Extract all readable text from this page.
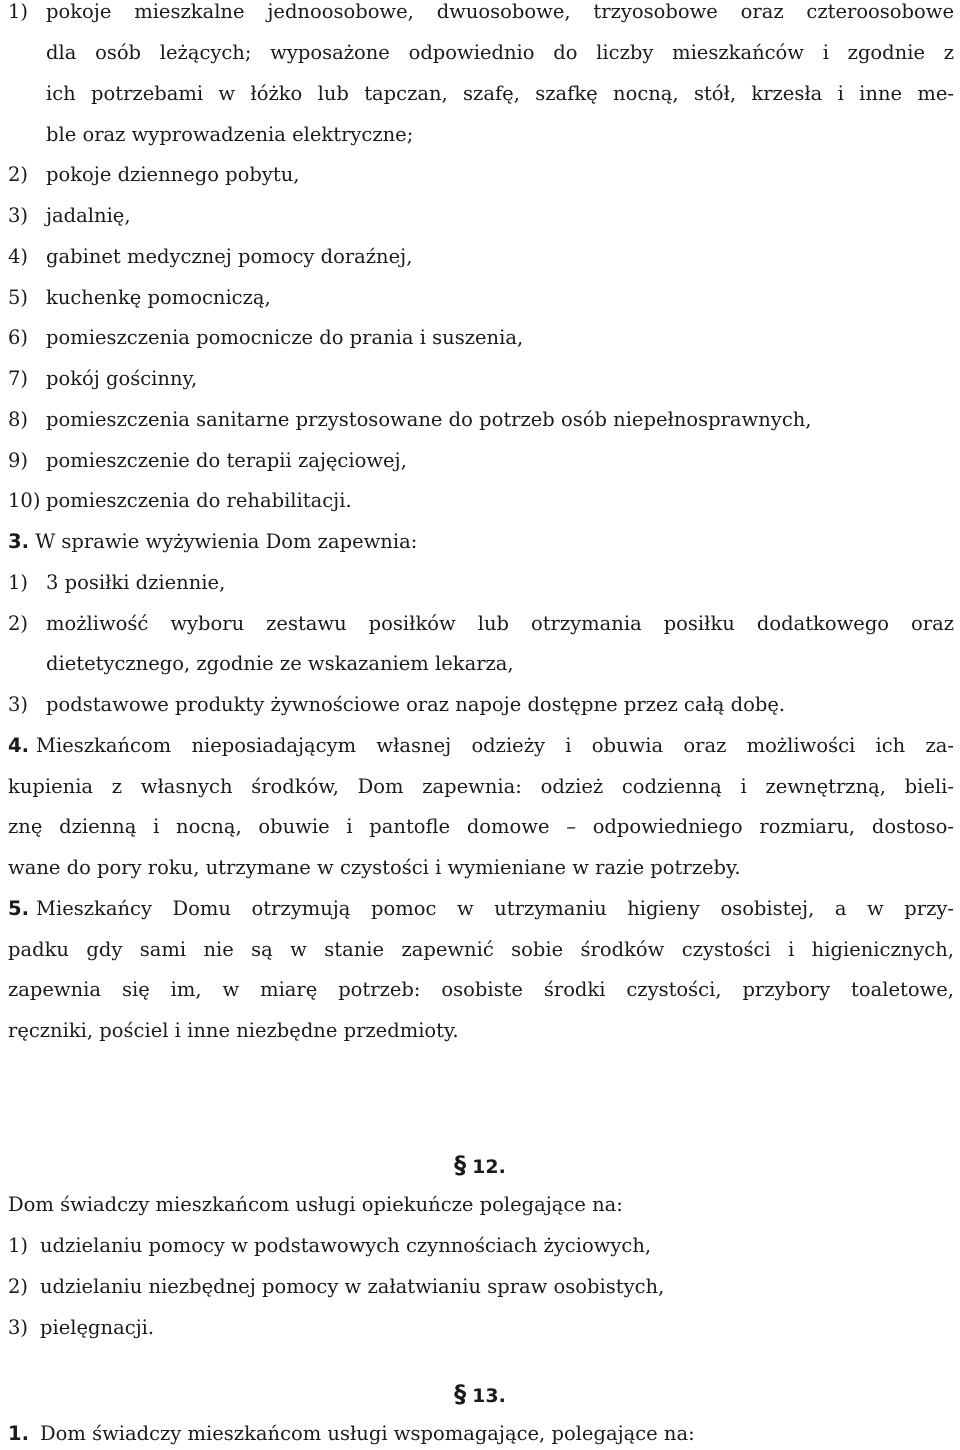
1) pokoje mieszkalne jednoosobowe, dwuosobowe, trzyosobowe oraz czteroosobowe
dla osób leżących; wyposażone odpowiednio do liczby mieszkańców i zgodnie z
ich potrzebami w łóżko lub tapczan, szafę, szafkę nocną, stół, krzesła i inne me-
ble oraz wyprowadzenia elektryczne;
2) pokoje dziennego pobytu,
3) jadalnię,
4) gabinet medycznej pomocy doraźnej,
5) kuchenkę pomocniczą,
6) pomieszczenia pomocnicze do prania i suszenia,
7) pokój gościnny,
8) pomieszczenia sanitarne przystosowane do potrzeb osób niepełnosprawnych,
9) pomieszczenie do terapii zajęciowej,
10) pomieszczenia do rehabilitacji.
3. W sprawie wyżywienia Dom zapewnia:
1) 3 posiłki dziennie,
2) możliwość wyboru zestawu posiłków lub otrzymania posiłku dodatkowego oraz
dietetycznego, zgodnie ze wskazaniem lekarza,
3) podstawowe produkty żywnościowe oraz napoje dostępne przez całą dobę.
4. Mieszkańcom nieposiadającym własnej odzieży i obuwia oraz możliwości ich za-
kupienia z własnych środków, Dom zapewnia: odzież codzienną i zewnętrzną, bieli-
znę dzienną i nocną, obuwie i pantofle domowe – odpowiedniego rozmiaru, dostoso-
wane do pory roku, utrzymane w czystości i wymieniane w razie potrzeby.
5. Mieszkańcy Domu otrzymują pomoc w utrzymaniu higieny osobistej, a w przy-
padku gdy sami nie są w stanie zapewnić sobie środków czystości i higienicznych,
zapewnia się im, w miarę potrzeb: osobiste środki czystości, przybory toaletowe,
ręczniki, pościel i inne niezbędne przedmioty.
§ 12.
Dom świadczy mieszkańcom usługi opiekuńcze polegające na:
1) udzielaniu pomocy w podstawowych czynnościach życiowych,
2) udzielaniu niezbędnej pomocy w załatwianiu spraw osobistych,
3) pielęgnacji.
§ 13.
1. Dom świadczy mieszkańcom usługi wspomagające, polegające na:
